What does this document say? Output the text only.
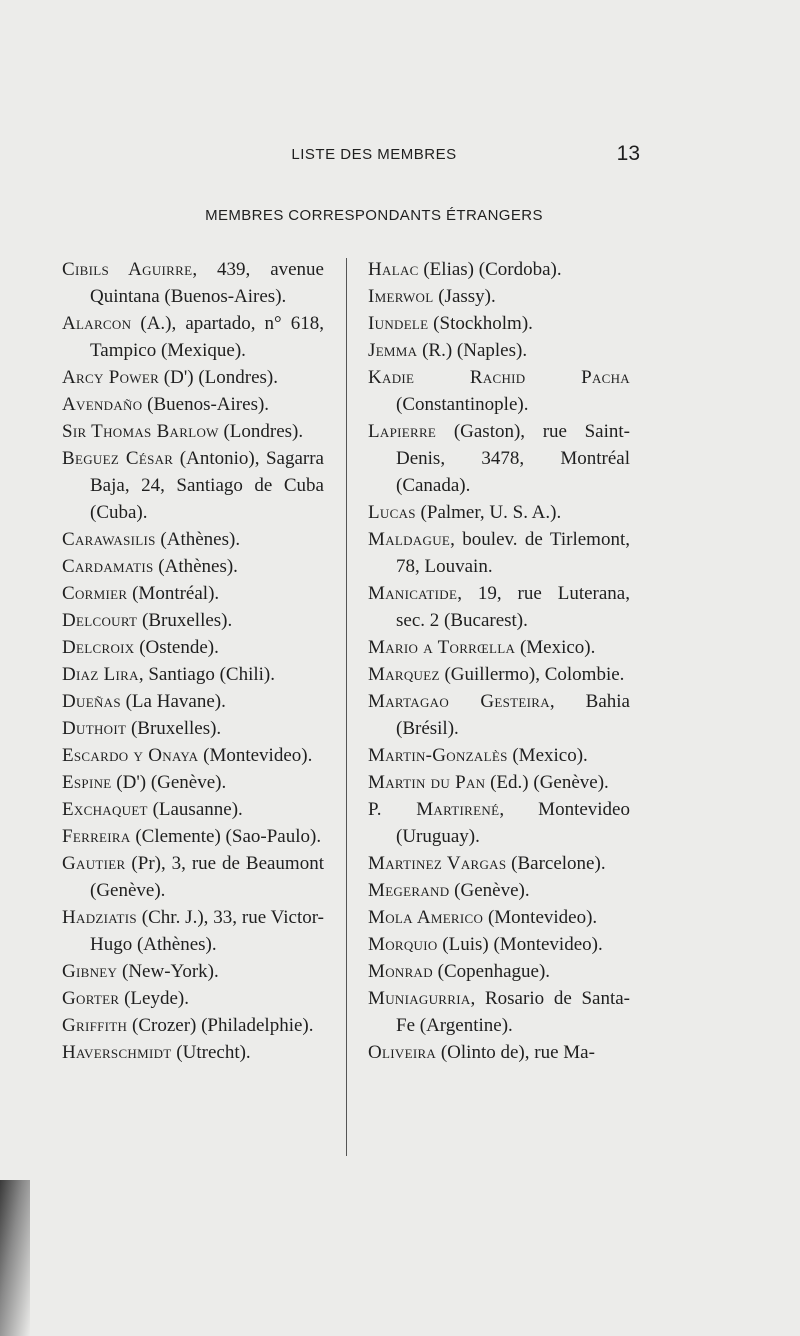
LISTE DES MEMBRES	13
MEMBRES CORRESPONDANTS ÉTRANGERS

Cibils Aguirre, 439, avenue Quintana (Buenos-Aires).

Alarcon (A.), apartado, n° 618, Tampico (Mexique).

Arcy Power (D') (Londres).

Avendaño (Buenos-Aires).

Sir Thomas Barlow (Londres).

Beguez César (Antonio), Sagarra Baja, 24, Santiago de Cuba (Cuba).

Carawasilis (Athènes).

Cardamatis (Athènes).

Cormier (Montréal).

Delcourt (Bruxelles).

Delcroix (Ostende).

Diaz Lira, Santiago (Chili).

Dueñas (La Havane).

Duthoit (Bruxelles).

Escardo y Onaya (Montevideo).

Espine (D') (Genève).

Exchaquet (Lausanne).

Ferreira (Clemente) (Sao-Paulo).

Gautier (Pr), 3, rue de Beaumont (Genève).

Hadziatis (Chr. J.), 33, rue Victor-Hugo (Athènes).

Gibney (New-York).

Gorter (Leyde).

Griffith (Crozer) (Philadelphie).

Haverschmidt (Utrecht).

Halac (Elias) (Cordoba).

Imerwol (Jassy).

Iundele (Stockholm).

Jemma (R.) (Naples).

Kadie Rachid Pacha (Constantinople).

Lapierre (Gaston), rue Saint-Denis, 3478, Montréal (Canada).

Lucas (Palmer, U. S. A.).

Maldague, boulev. de Tirlemont, 78, Louvain.

Manicatide, 19, rue Luterana, sec. 2 (Bucarest).

Mario a Torrœlla (Mexico).

Marquez (Guillermo), Colombie.

Martagao Gesteira, Bahia (Brésil).

Martin-Gonzalès (Mexico).

Martin du Pan (Ed.) (Genève).

P. Martirené, Montevideo (Uruguay).

Martinez Vargas (Barcelone).

Megerand (Genève).

Mola Americo (Montevideo).

Morquio (Luis) (Montevideo).

Monrad (Copenhague).

Muniagurria, Rosario de Santa-Fe (Argentine).

Oliveira (Olinto de), rue Ma-
